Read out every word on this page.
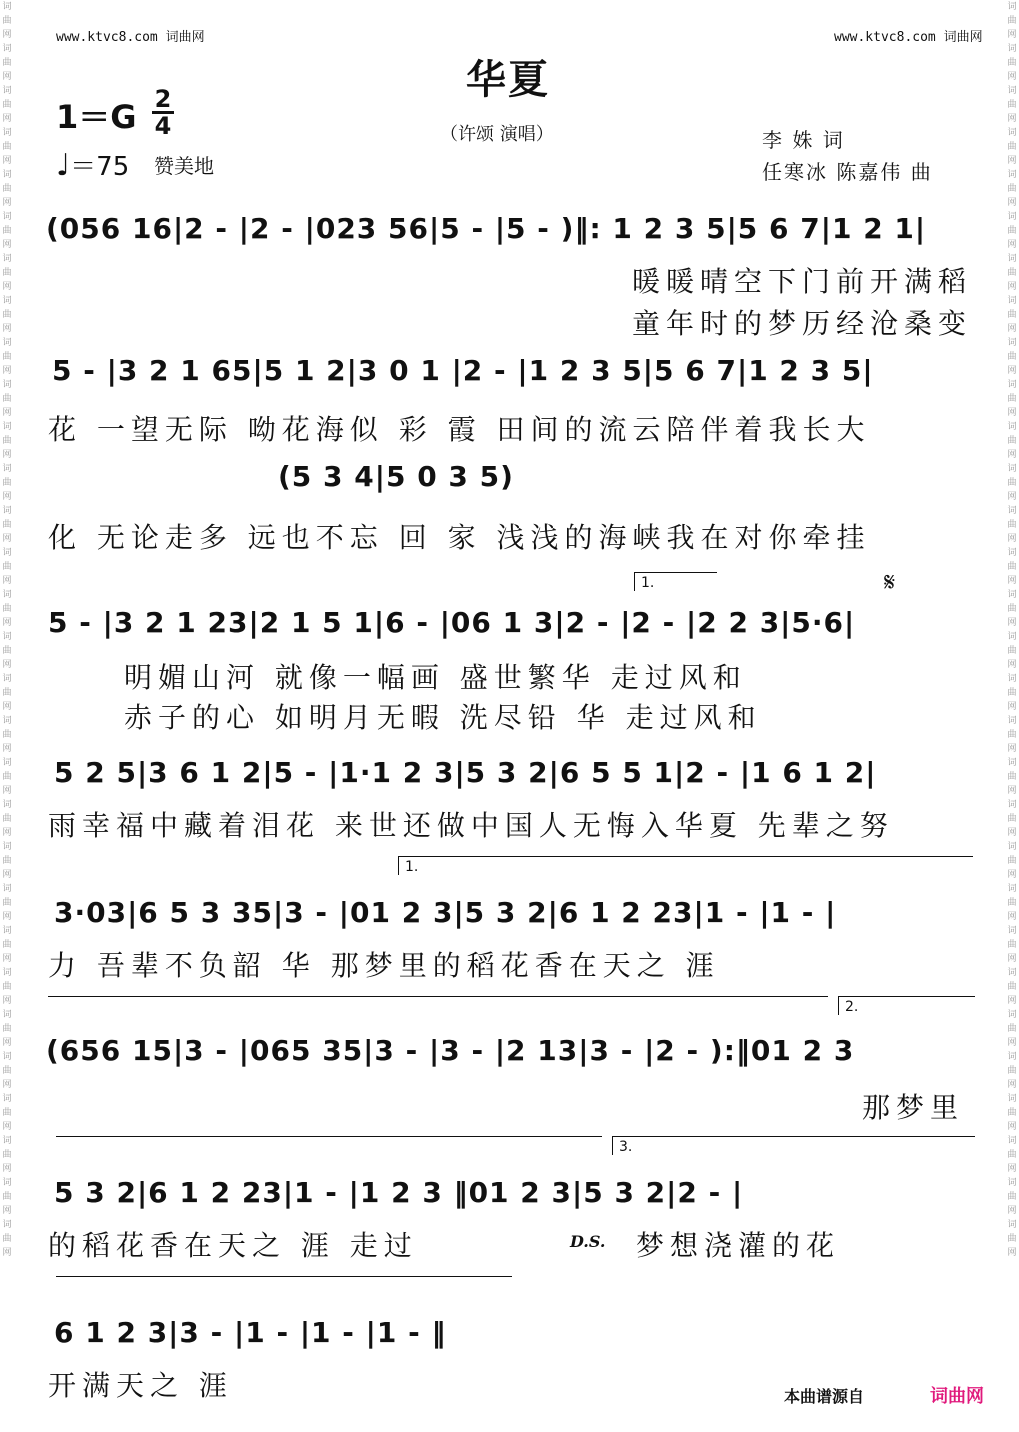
词曲网词曲网词曲网词曲网词曲网词曲网词曲网词曲网词曲网词曲网词曲网词曲网词曲网词曲网词曲网词曲网词曲网词曲网词曲网词曲网词曲网词曲网词曲网词曲网词曲网词曲网词曲网词曲网词曲网词曲网
词曲网词曲网词曲网词曲网词曲网词曲网词曲网词曲网词曲网词曲网词曲网词曲网词曲网词曲网词曲网词曲网词曲网词曲网词曲网词曲网词曲网词曲网词曲网词曲网词曲网词曲网词曲网词曲网词曲网词曲网
www.ktvc8.com 词曲网	www.ktvc8.com 词曲网
华夏
（许颂 演唱）
1＝G 2
4
♩＝75 赞美地
李 姝 词
任寒冰 陈嘉伟 曲
(056 16|2 - |2 - |023 56|5 - |5 - )‖: 1 2 3 5|5 6 7|1 2 1|
暖暖晴空下门前开满稻
童年时的梦历经沧桑变
5 - |3 2 1 65|5 1 2|3 0 1 |2 - |1 2 3 5|5 6 7|1 2 3 5|
花 一望无际 呦花海似 彩 霞 田间的流云陪伴着我长大
(5 3 4|5 0 3 5)
化 无论走多 远也不忘 回 家 浅浅的海峡我在对你牵挂
1.	𝄋
5 - |3 2 1 23|2 1 5 1|6 - |06 1 3|2 - |2 - |2 2 3|5·6|
明媚山河 就像一幅画 盛世繁华 走过风和
赤子的心 如明月无暇 洗尽铅 华 走过风和
5 2 5|3 6 1 2|5 - |1·1 2 3|5 3 2|6 5 5 1|2 - |1 6 1 2|
雨幸福中藏着泪花 来世还做中国人无悔入华夏 先辈之努
1.
3·03|6 5 3 35|3 - |01 2 3|5 3 2|6 1 2 23|1 - |1 - |
力 吾辈不负韶 华 那梦里的稻花香在天之 涯
2.
(656 15|3 - |065 35|3 - |3 - |2 13|3 - |2 - ):‖01 2 3
那梦里
3.
5 3 2|6 1 2 23|1 - |1 2 3 ‖01 2 3|5 3 2|2 - |
的稻花香在天之 涯 走过	D.S. 梦想浇灌的花
6 1 2 3|3 - |1 - |1 - |1 - ‖
开满天之 涯	本曲谱源自	词曲网
